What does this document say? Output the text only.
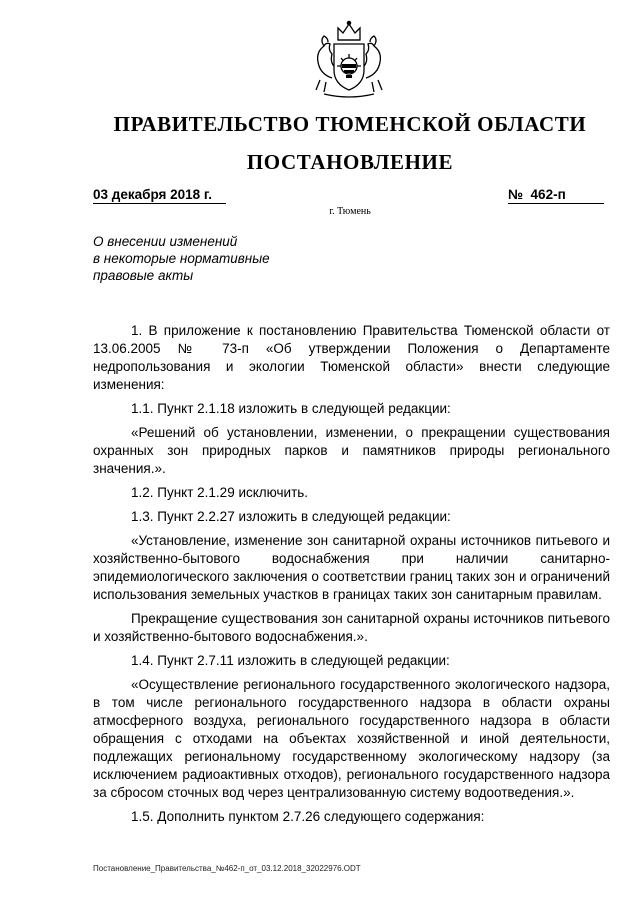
ПРАВИТЕЛЬСТВО ТЮМЕНСКОЙ ОБЛАСТИ
ПОСТАНОВЛЕНИЕ
03 декабря 2018 г.	№  462-п
г. Тюмень
О внесении изменений
в некоторые нормативные
правовые акты

1. В приложение к постановлению Правительства Тюменской области от 13.06.2005 № 73-п «Об утверждении Положения о Департаменте недропользования и экологии Тюменской области» внести следующие изменения:

1.1. Пункт 2.1.18 изложить в следующей редакции:

«Решений об установлении, изменении, о прекращении существования охранных зон природных парков и памятников природы регионального значения.».

1.2. Пункт 2.1.29 исключить.

1.3. Пункт 2.2.27 изложить в следующей редакции:

«Установление, изменение зон санитарной охраны источников питьевого и хозяйственно-бытового водоснабжения при наличии санитарно-эпидемиологического заключения о соответствии границ таких зон и ограничений использования земельных участков в границах таких зон санитарным правилам.

Прекращение существования зон санитарной охраны источников питьевого и хозяйственно-бытового водоснабжения.».

1.4. Пункт 2.7.11 изложить в следующей редакции:

«Осуществление регионального государственного экологического надзора, в том числе регионального государственного надзора в области охраны атмосферного воздуха, регионального государственного надзора в области обращения с отходами на объектах хозяйственной и иной деятельности, подлежащих региональному государственному экологическому надзору (за исключением радиоактивных отходов), регионального государственного надзора за сбросом сточных вод через централизованную систему водоотведения.».

1.5. Дополнить пунктом 2.7.26 следующего содержания:

Постановление_Правительства_№462-п_от_03.12.2018_32022976.ODT
